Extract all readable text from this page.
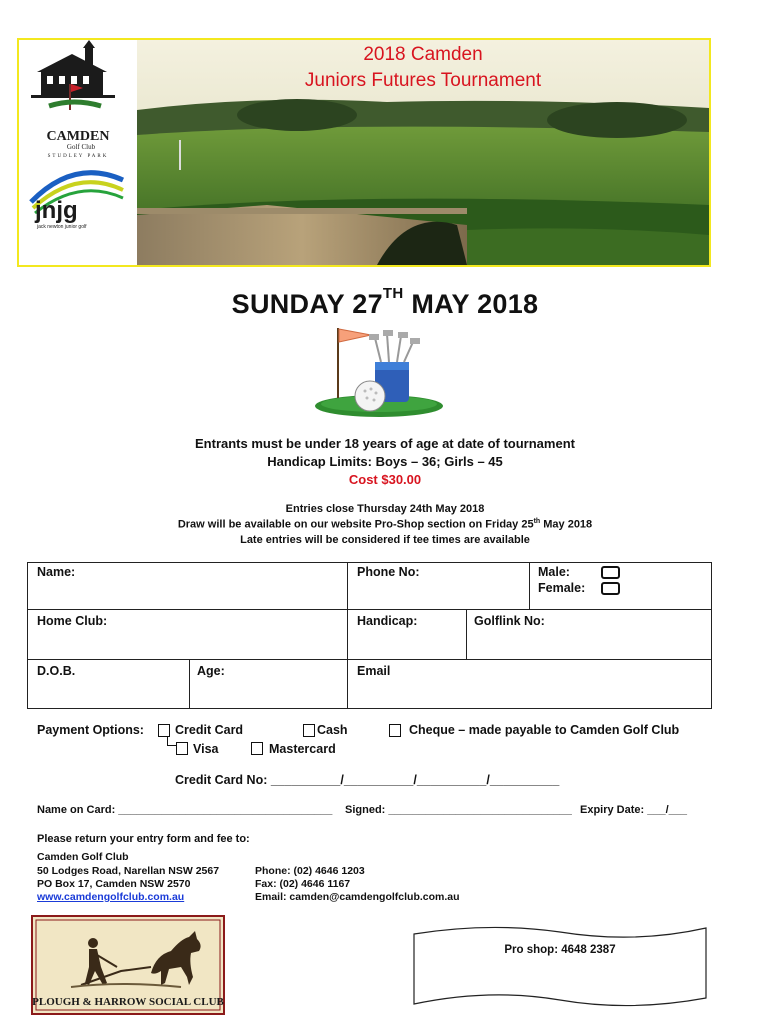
CAMDEN
Golf Club
STUDLEY PARK
jnjg
jack newton junior golf
2018 Camden
Juniors Futures Tournament
SUNDAY 27TH MAY 2018
Entrants must be under 18 years of age at date of tournament
Handicap Limits: Boys – 36; Girls – 45
Cost $30.00
Entries close Thursday 24th May 2018
Draw will be available on our website Pro-Shop section on Friday 25th May 2018
Late entries will be considered if tee times are available
Name:	Phone No:	Male:
Female:
Home Club:	Handicap:	Golflink No:
D.O.B.	Age:	Email
Payment Options: Credit Card	Cash	Cheque – made payable to Camden Golf Club
Visa	Mastercard
Credit Card No: __________/__________/__________/__________
Name on Card: ___________________________________ Signed: ______________________________ Expiry Date: ___/___
Please return your entry form and fee to:
Camden Golf Club
50 Lodges Road, Narellan NSW 2567
PO Box 17, Camden NSW 2570
www.camdengolfclub.com.au
Phone: (02) 4646 1203
Fax: (02) 4646 1167
Email: camden@camdengolfclub.com.au
PLOUGH & HARROW SOCIAL CLUB
Pro shop: 4648 2387
